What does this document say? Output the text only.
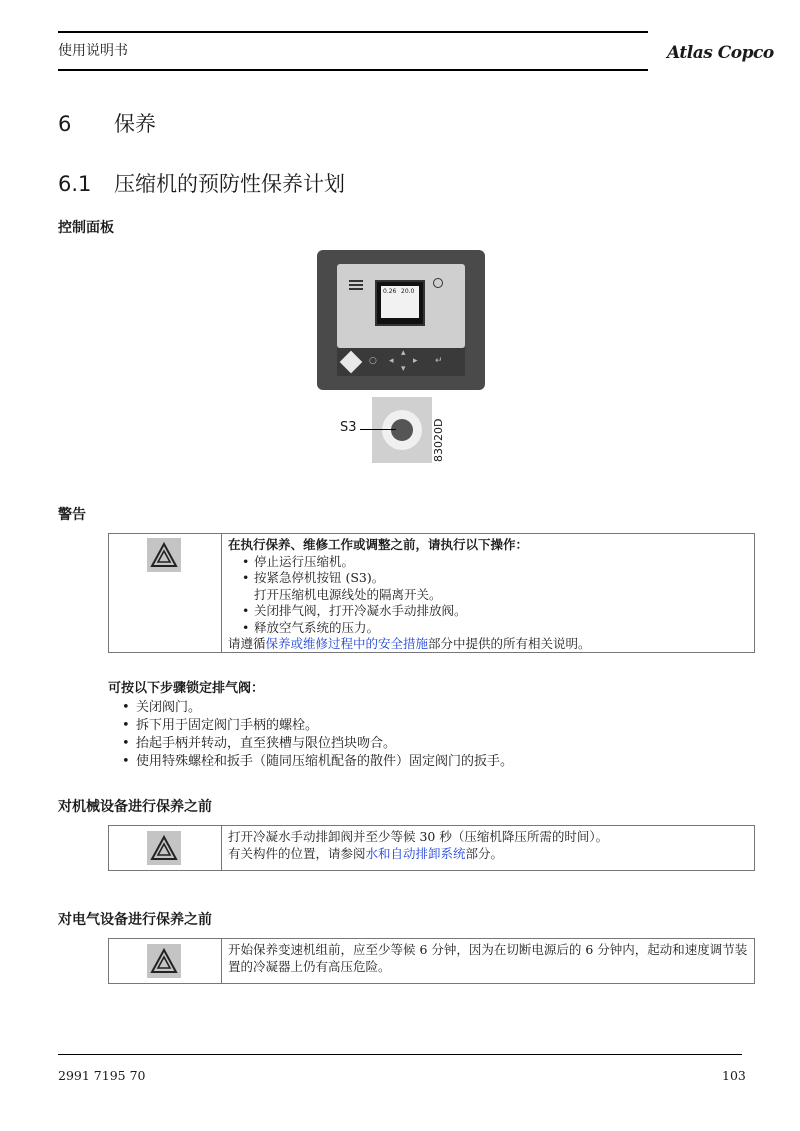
使用说明书	Atlas Copco
6 保养
6.1 压缩机的预防性保养计划
控制面板
0.26 20.0
○ ◂
▴
▾
▸ ↵
S3	83020D
警告
在执行保养、维修工作或调整之前，请执行以下操作：
• 停止运行压缩机。
• 按紧急停机按钮 (S3)。
打开压缩机电源线处的隔离开关。
• 关闭排气阀，打开冷凝水手动排放阀。
• 释放空气系统的压力。
请遵循保养或维修过程中的安全措施部分中提供的所有相关说明。
可按以下步骤锁定排气阀：
• 关闭阀门。
• 拆下用于固定阀门手柄的螺栓。
• 抬起手柄并转动，直至狭槽与限位挡块吻合。
• 使用特殊螺栓和扳手（随同压缩机配备的散件）固定阀门的扳手。
对机械设备进行保养之前
打开冷凝水手动排卸阀并至少等候 30 秒（压缩机降压所需的时间）。
有关构件的位置，请参阅水和自动排卸系统部分。
对电气设备进行保养之前
开始保养变速机组前，应至少等候 6 分钟，因为在切断电源后的 6 分钟内，起动和速度调节装置的冷凝器上仍有高压危险。
2991 7195 70	103
